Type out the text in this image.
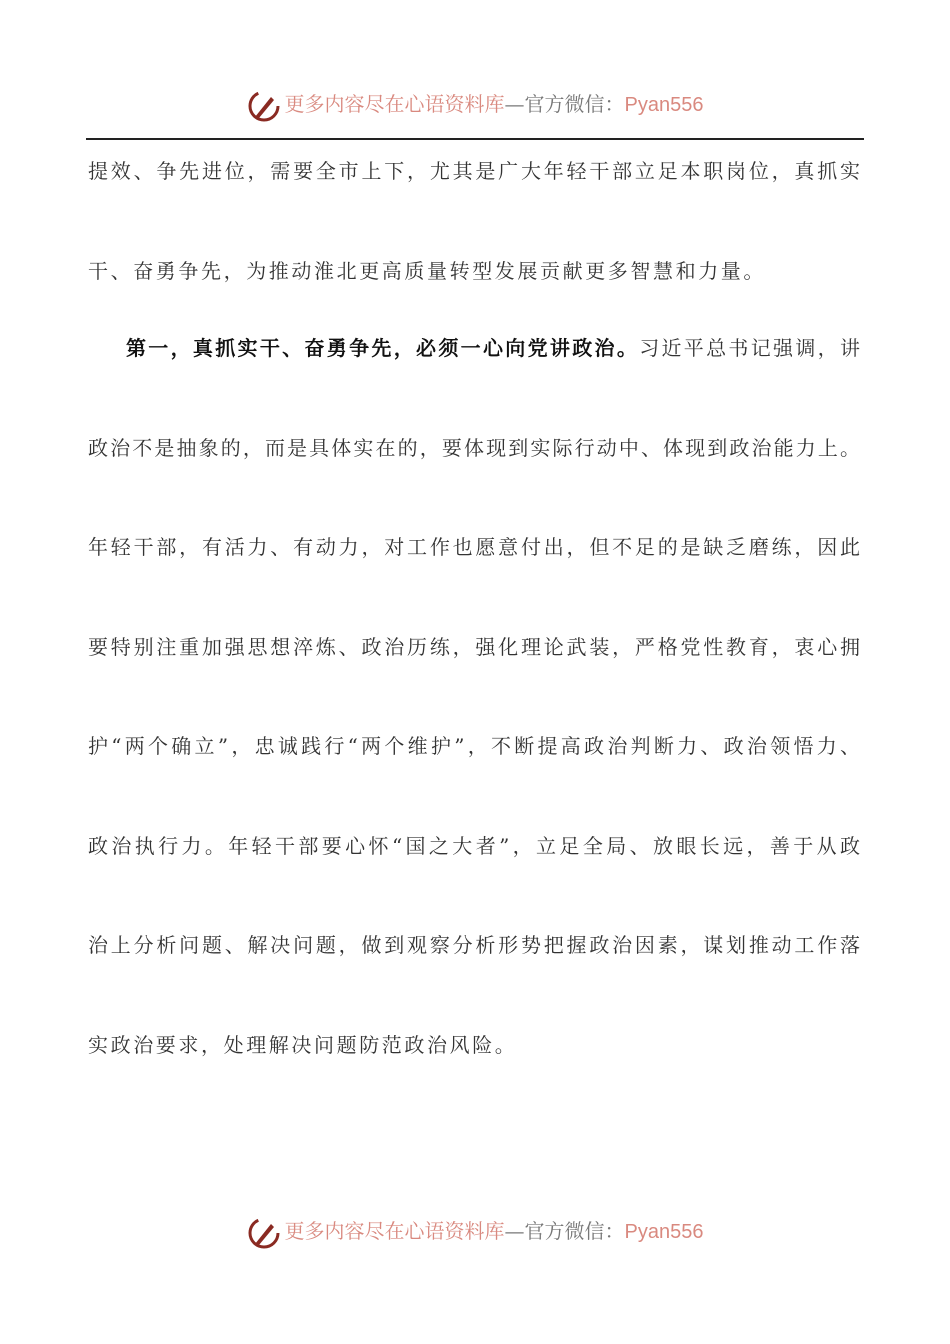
更多内容尽在心语资料库—官方微信：Pyan556
提效、争先进位，需要全市上下，尤其是广大年轻干部立足本职岗位，真抓实
干、奋勇争先，为推动淮北更高质量转型发展贡献更多智慧和力量。
第一，真抓实干、奋勇争先，必须一心向党讲政治。习近平总书记强调，讲
政治不是抽象的，而是具体实在的，要体现到实际行动中、体现到政治能力上。
年轻干部，有活力、有动力，对工作也愿意付出，但不足的是缺乏磨练，因此
要特别注重加强思想淬炼、政治历练，强化理论武装，严格党性教育，衷心拥
护“两个确立”，忠诚践行“两个维护”，不断提高政治判断力、政治领悟力、
政治执行力。年轻干部要心怀“国之大者”，立足全局、放眼长远，善于从政
治上分析问题、解决问题，做到观察分析形势把握政治因素，谋划推动工作落
实政治要求，处理解决问题防范政治风险。
更多内容尽在心语资料库—官方微信：Pyan556
